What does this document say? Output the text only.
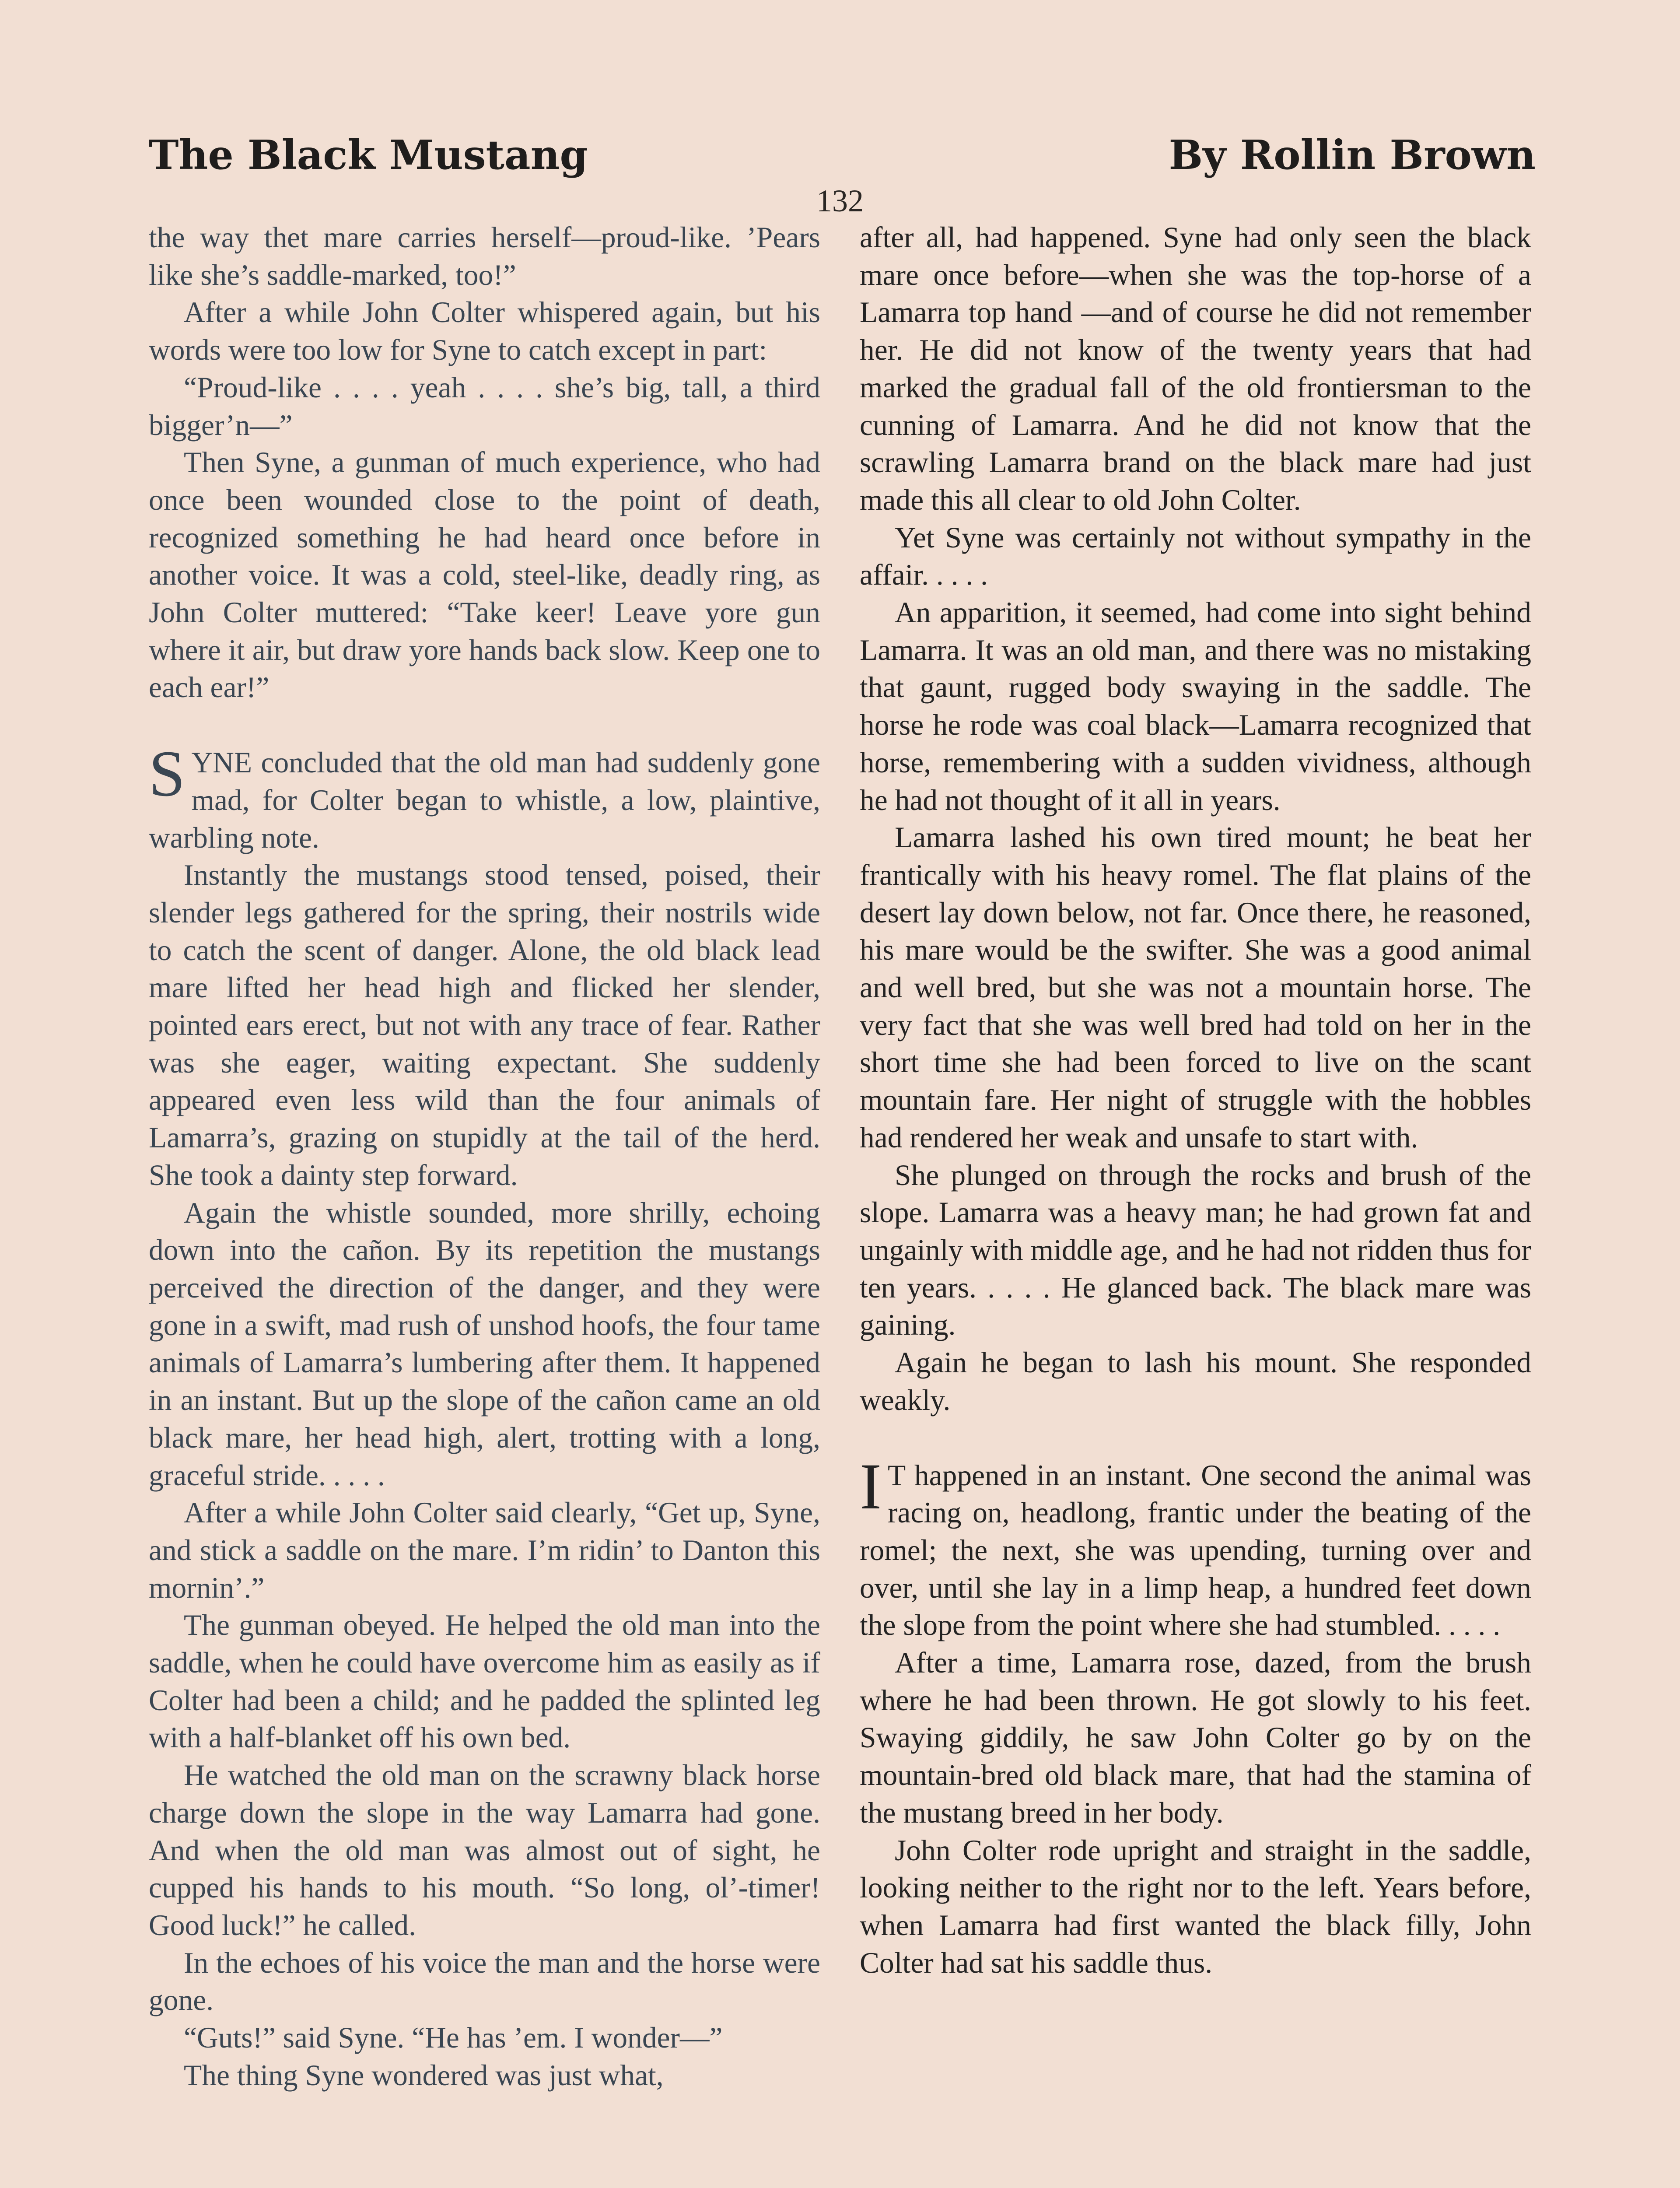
The Black Mustang	By Rollin Brown
132

the way thet mare carries herself—proud-like. ’Pears like she’s saddle-marked, too!”

After a while John Colter whispered again, but his words were too low for Syne to catch except in part:

“Proud-like . . . . yeah . . . . she’s big, tall, a third bigger’n—”

Then Syne, a gunman of much experience, who had once been wounded close to the point of death, recognized something he had heard once before in another voice. It was a cold, steel-like, deadly ring, as John Colter muttered: “Take keer! Leave yore gun where it air, but draw yore hands back slow. Keep one to each ear!”

SYNE concluded that the old man had suddenly gone mad, for Colter began to whistle, a low, plaintive, warbling note.

Instantly the mustangs stood tensed, poised, their slender legs gathered for the spring, their nostrils wide to catch the scent of danger. Alone, the old black lead mare lifted her head high and flicked her slender, pointed ears erect, but not with any trace of fear. Rather was she eager, waiting expectant. She suddenly appeared even less wild than the four animals of Lamarra’s, grazing on stupidly at the tail of the herd. She took a dainty step forward.

Again the whistle sounded, more shrilly, echoing down into the cañon. By its repetition the mustangs perceived the direction of the danger, and they were gone in a swift, mad rush of unshod hoofs, the four tame animals of Lamarra’s lumbering after them. It happened in an instant. But up the slope of the cañon came an old black mare, her head high, alert, trotting with a long, graceful stride. . . . .

After a while John Colter said clearly, “Get up, Syne, and stick a saddle on the mare. I’m ridin’ to Danton this mornin’.”

The gunman obeyed. He helped the old man into the saddle, when he could have overcome him as easily as if Colter had been a child; and he padded the splinted leg with a half-blanket off his own bed.

He watched the old man on the scrawny black horse charge down the slope in the way Lamarra had gone. And when the old man was almost out of sight, he cupped his hands to his mouth. “So long, ol’-timer! Good luck!” he called.

In the echoes of his voice the man and the horse were gone.

“Guts!” said Syne. “He has ’em. I wonder—”

The thing Syne wondered was just what,

after all, had happened. Syne had only seen the black mare once before—when she was the top-horse of a Lamarra top hand —and of course he did not remember her. He did not know of the twenty years that had marked the gradual fall of the old frontiersman to the cunning of Lamarra. And he did not know that the scrawling Lamarra brand on the black mare had just made this all clear to old John Colter.

Yet Syne was certainly not without sympathy in the affair. . . . .

An apparition, it seemed, had come into sight behind Lamarra. It was an old man, and there was no mistaking that gaunt, rugged body swaying in the saddle. The horse he rode was coal black—Lamarra recognized that horse, remembering with a sudden vividness, although he had not thought of it all in years.

Lamarra lashed his own tired mount; he beat her frantically with his heavy romel. The flat plains of the desert lay down below, not far. Once there, he reasoned, his mare would be the swifter. She was a good animal and well bred, but she was not a mountain horse. The very fact that she was well bred had told on her in the short time she had been forced to live on the scant mountain fare. Her night of struggle with the hobbles had rendered her weak and unsafe to start with.

She plunged on through the rocks and brush of the slope. Lamarra was a heavy man; he had grown fat and ungainly with middle age, and he had not ridden thus for ten years. . . . . He glanced back. The black mare was gaining.

Again he began to lash his mount. She responded weakly.

I T happened in an instant. One second the animal was racing on, headlong, frantic under the beating of the romel; the next, she was upending, turning over and over, until she lay in a limp heap, a hundred feet down the slope from the point where she had stumbled. . . . .

After a time, Lamarra rose, dazed, from the brush where he had been thrown. He got slowly to his feet. Swaying giddily, he saw John Colter go by on the mountain-bred old black mare, that had the stamina of the mustang breed in her body.

John Colter rode upright and straight in the saddle, looking neither to the right nor to the left. Years before, when Lamarra had first wanted the black filly, John Colter had sat his saddle thus.
